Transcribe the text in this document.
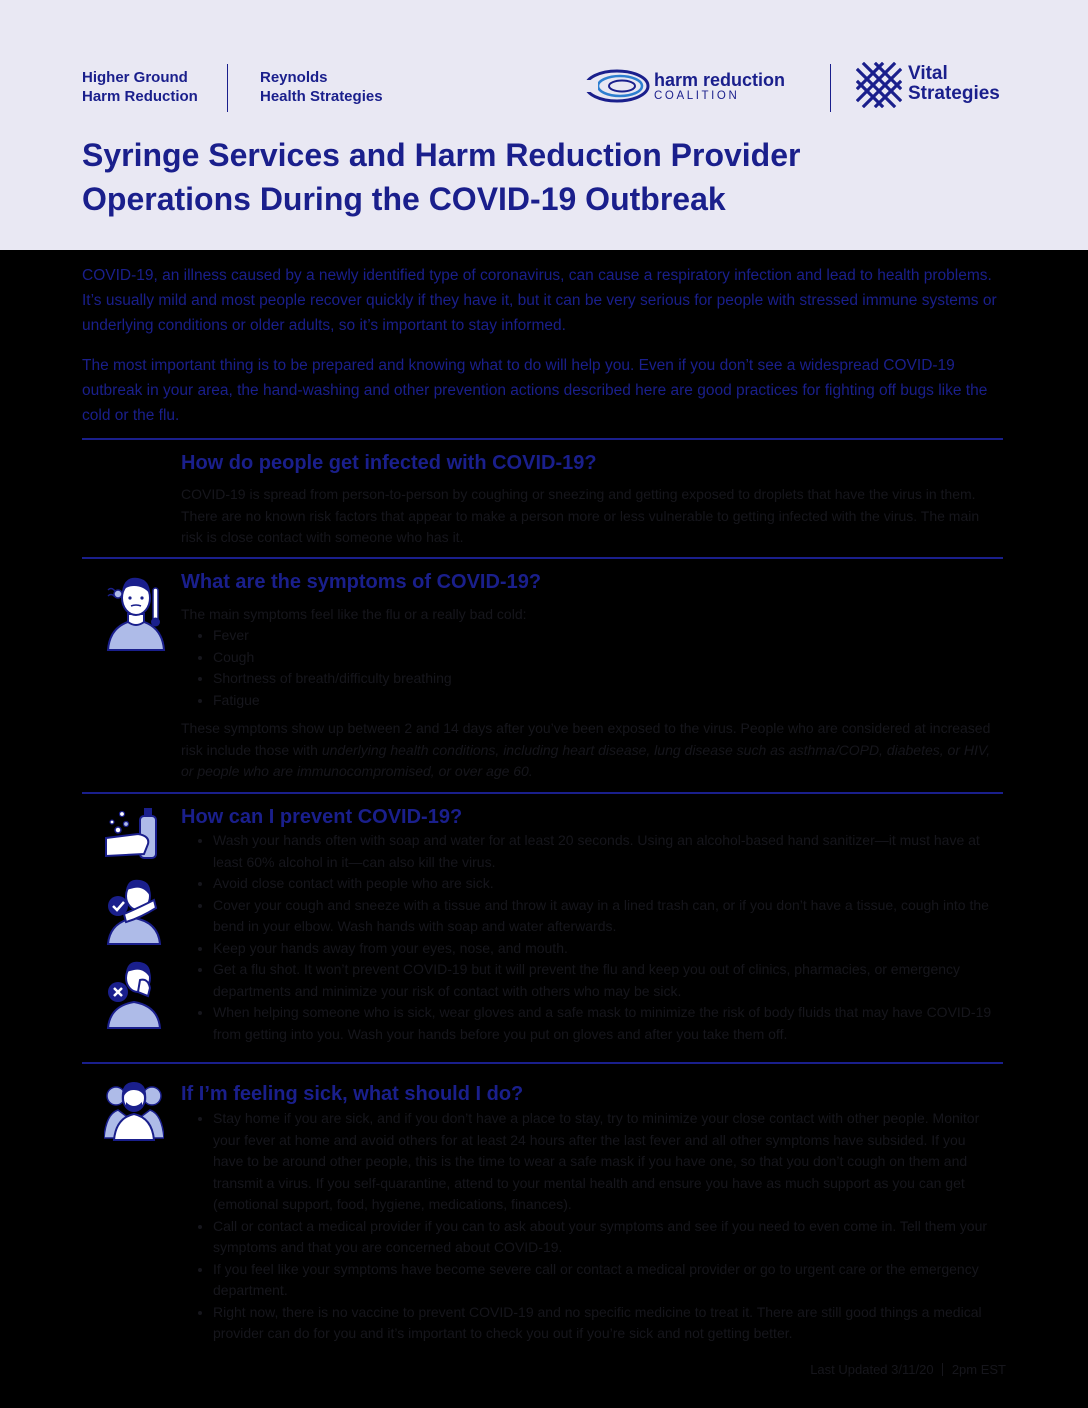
Higher Ground
Harm Reduction
Reynolds
Health Strategies
harm reduction
COALITION
Vital
Strategies
Syringe Services and Harm Reduction Provider
Operations During the COVID-19 Outbreak

COVID-19, an illness caused by a newly identified type of coronavirus, can cause a respiratory infection and lead to health problems. It’s usually mild and most people recover quickly if they have it, but it can be very serious for people with stressed immune systems or underlying conditions or older adults, so it’s important to stay informed.

The most important thing is to be prepared and knowing what to do will help you. Even if you don’t see a widespread COVID-19 outbreak in your area, the hand-washing and other prevention actions described here are good practices for fighting off bugs like the cold or the flu.

How do people get infected with COVID-19?

COVID-19 is spread from person-to-person by coughing or sneezing and getting exposed to droplets that have the virus in them. There are no known risk factors that appear to make a person more or less vulnerable to getting infected with the virus. The main risk is close contact with someone who has it.

What are the symptoms of COVID-19?

The main symptoms feel like the flu or a really bad cold:

• Fever
• Cough
• Shortness of breath/difficulty breathing
• Fatigue

These symptoms show up between 2 and 14 days after you’ve been exposed to the virus. People who are considered at increased risk include those with underlying health conditions, including heart disease, lung disease such as asthma/COPD, diabetes, or HIV, or people who are immunocompromised, or over age 60.

How can I prevent COVID-19?
• Wash your hands often with soap and water for at least 20 seconds. Using an alcohol-based hand sanitizer—it must have at least 60% alcohol in it—can also kill the virus.
• Avoid close contact with people who are sick.
• Cover your cough and sneeze with a tissue and throw it away in a lined trash can, or if you don’t have a tissue, cough into the bend in your elbow. Wash hands with soap and water afterwards.
• Keep your hands away from your eyes, nose, and mouth.
• Get a flu shot. It won’t prevent COVID-19 but it will prevent the flu and keep you out of clinics, pharmacies, or emergency departments and minimize your risk of contact with others who may be sick.
• When helping someone who is sick, wear gloves and a safe mask to minimize the risk of body fluids that may have COVID-19 from getting into you. Wash your hands before you put on gloves and after you take them off.
If I’m feeling sick, what should I do?
• Stay home if you are sick, and if you don’t have a place to stay, try to minimize your close contact with other people. Monitor your fever at home and avoid others for at least 24 hours after the last fever and all other symptoms have subsided. If you have to be around other people, this is the time to wear a safe mask if you have one, so that you don’t cough on them and transmit a virus. If you self-quarantine, attend to your mental health and ensure you have as much support as you can get (emotional support, food, hygiene, medications, finances).
• Call or contact a medical provider if you can to ask about your symptoms and see if you need to even come in. Tell them your symptoms and that you are concerned about COVID-19.
• If you feel like your symptoms have become severe call or contact a medical provider or go to urgent care or the emergency department.
• Right now, there is no vaccine to prevent COVID-19 and no specific medicine to treat it. There are still good things a medical provider can do for you and it’s important to check you out if you’re sick and not getting better.
Last Updated 3/11/20 2pm EST
